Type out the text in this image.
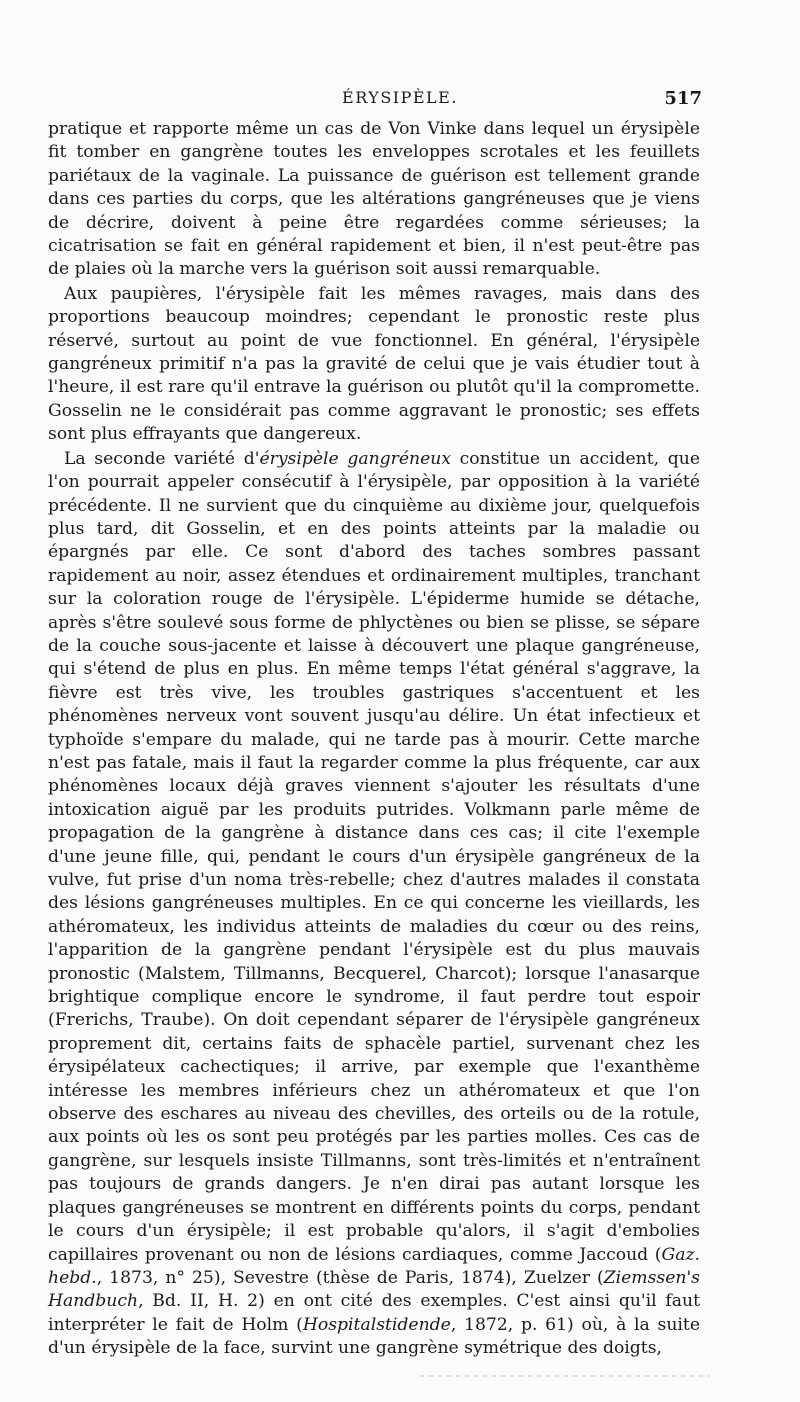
ÉRYSIPÈLE.	517

pratique et rapporte même un cas de Von Vinke dans lequel un érysipèle fit tomber en gangrène toutes les enveloppes scrotales et les feuillets pariétaux de la vaginale. La puissance de guérison est tellement grande dans ces parties du corps, que les altérations gangréneuses que je viens de décrire, doivent à peine être regardées comme sérieuses; la cicatrisation se fait en général rapidement et bien, il n'est peut-être pas de plaies où la marche vers la guérison soit aussi remarquable.

Aux paupières, l'érysipèle fait les mêmes ravages, mais dans des proportions beaucoup moindres; cependant le pronostic reste plus réservé, surtout au point de vue fonctionnel. En général, l'érysipèle gangréneux primitif n'a pas la gravité de celui que je vais étudier tout à l'heure, il est rare qu'il entrave la guérison ou plutôt qu'il la compromette. Gosselin ne le considérait pas comme aggravant le pronostic; ses effets sont plus effrayants que dangereux.

La seconde variété d'érysipèle gangréneux constitue un accident, que l'on pourrait appeler consécutif à l'érysipèle, par opposition à la variété précédente. Il ne survient que du cinquième au dixième jour, quelquefois plus tard, dit Gosselin, et en des points atteints par la maladie ou épargnés par elle. Ce sont d'abord des taches sombres passant rapidement au noir, assez étendues et ordinairement multiples, tranchant sur la coloration rouge de l'érysipèle. L'épiderme humide se détache, après s'être soulevé sous forme de phlyctènes ou bien se plisse, se sépare de la couche sous-jacente et laisse à découvert une plaque gangréneuse, qui s'étend de plus en plus. En même temps l'état général s'aggrave, la fièvre est très vive, les troubles gastriques s'accentuent et les phénomènes nerveux vont souvent jusqu'au délire. Un état infectieux et typhoïde s'empare du malade, qui ne tarde pas à mourir. Cette marche n'est pas fatale, mais il faut la regarder comme la plus fréquente, car aux phénomènes locaux déjà graves viennent s'ajouter les résultats d'une intoxication aiguë par les produits putrides. Volkmann parle même de propagation de la gangrène à distance dans ces cas; il cite l'exemple d'une jeune fille, qui, pendant le cours d'un érysipèle gangréneux de la vulve, fut prise d'un noma très-rebelle; chez d'autres malades il constata des lésions gangréneuses multiples. En ce qui concerne les vieillards, les athéromateux, les individus atteints de maladies du cœur ou des reins, l'apparition de la gangrène pendant l'érysipèle est du plus mauvais pronostic (Malstem, Tillmanns, Becquerel, Charcot); lorsque l'anasarque brightique complique encore le syndrome, il faut perdre tout espoir (Frerichs, Traube). On doit cependant séparer de l'érysipèle gangréneux proprement dit, certains faits de sphacèle partiel, survenant chez les érysipélateux cachectiques; il arrive, par exemple que l'exanthème intéresse les membres inférieurs chez un athéromateux et que l'on observe des eschares au niveau des chevilles, des orteils ou de la rotule, aux points où les os sont peu protégés par les parties molles. Ces cas de gangrène, sur lesquels insiste Tillmanns, sont très-limités et n'entraînent pas toujours de grands dangers. Je n'en dirai pas autant lorsque les plaques gangréneuses se montrent en différents points du corps, pendant le cours d'un érysipèle; il est probable qu'alors, il s'agit d'embolies capillaires provenant ou non de lésions cardiaques, comme Jaccoud (Gaz. hebd., 1873, n° 25), Sevestre (thèse de Paris, 1874), Zuelzer (Ziemssen's Handbuch, Bd. II, H. 2) en ont cité des exemples. C'est ainsi qu'il faut interpréter le fait de Holm (Hospitalstidende, 1872, p. 61) où, à la suite d'un érysipèle de la face, survint une gangrène symétrique des doigts,
